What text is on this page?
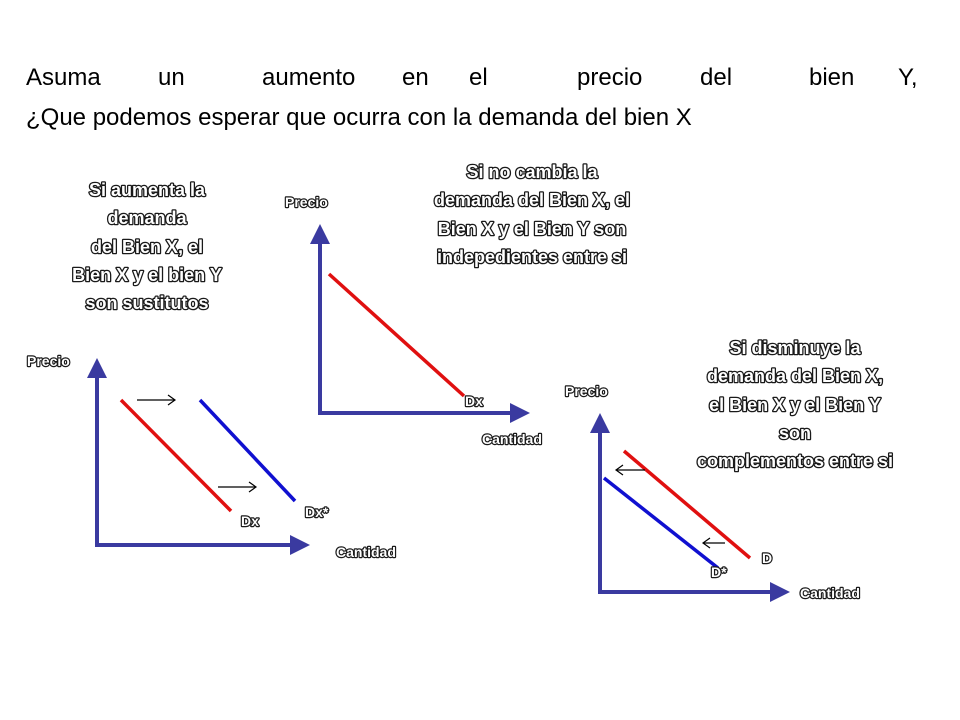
Asuma un	aumento en el	precio del	bien Y,
¿Que podemos esperar que ocurra con la demanda del bien X
Si aumenta la
demanda
del Bien X, el
Bien X y el bien Y
son sustitutos
Precio
Cantidad
Dx
Dx*
Si no cambia la
demanda del Bien X, el
Bien X y el Bien Y son
indepedientes entre si
Precio
Cantidad
Dx
Si disminuye la
demanda del Bien X,
el Bien X y el Bien Y
son
complementos entre si
Precio
Cantidad
D
D*
